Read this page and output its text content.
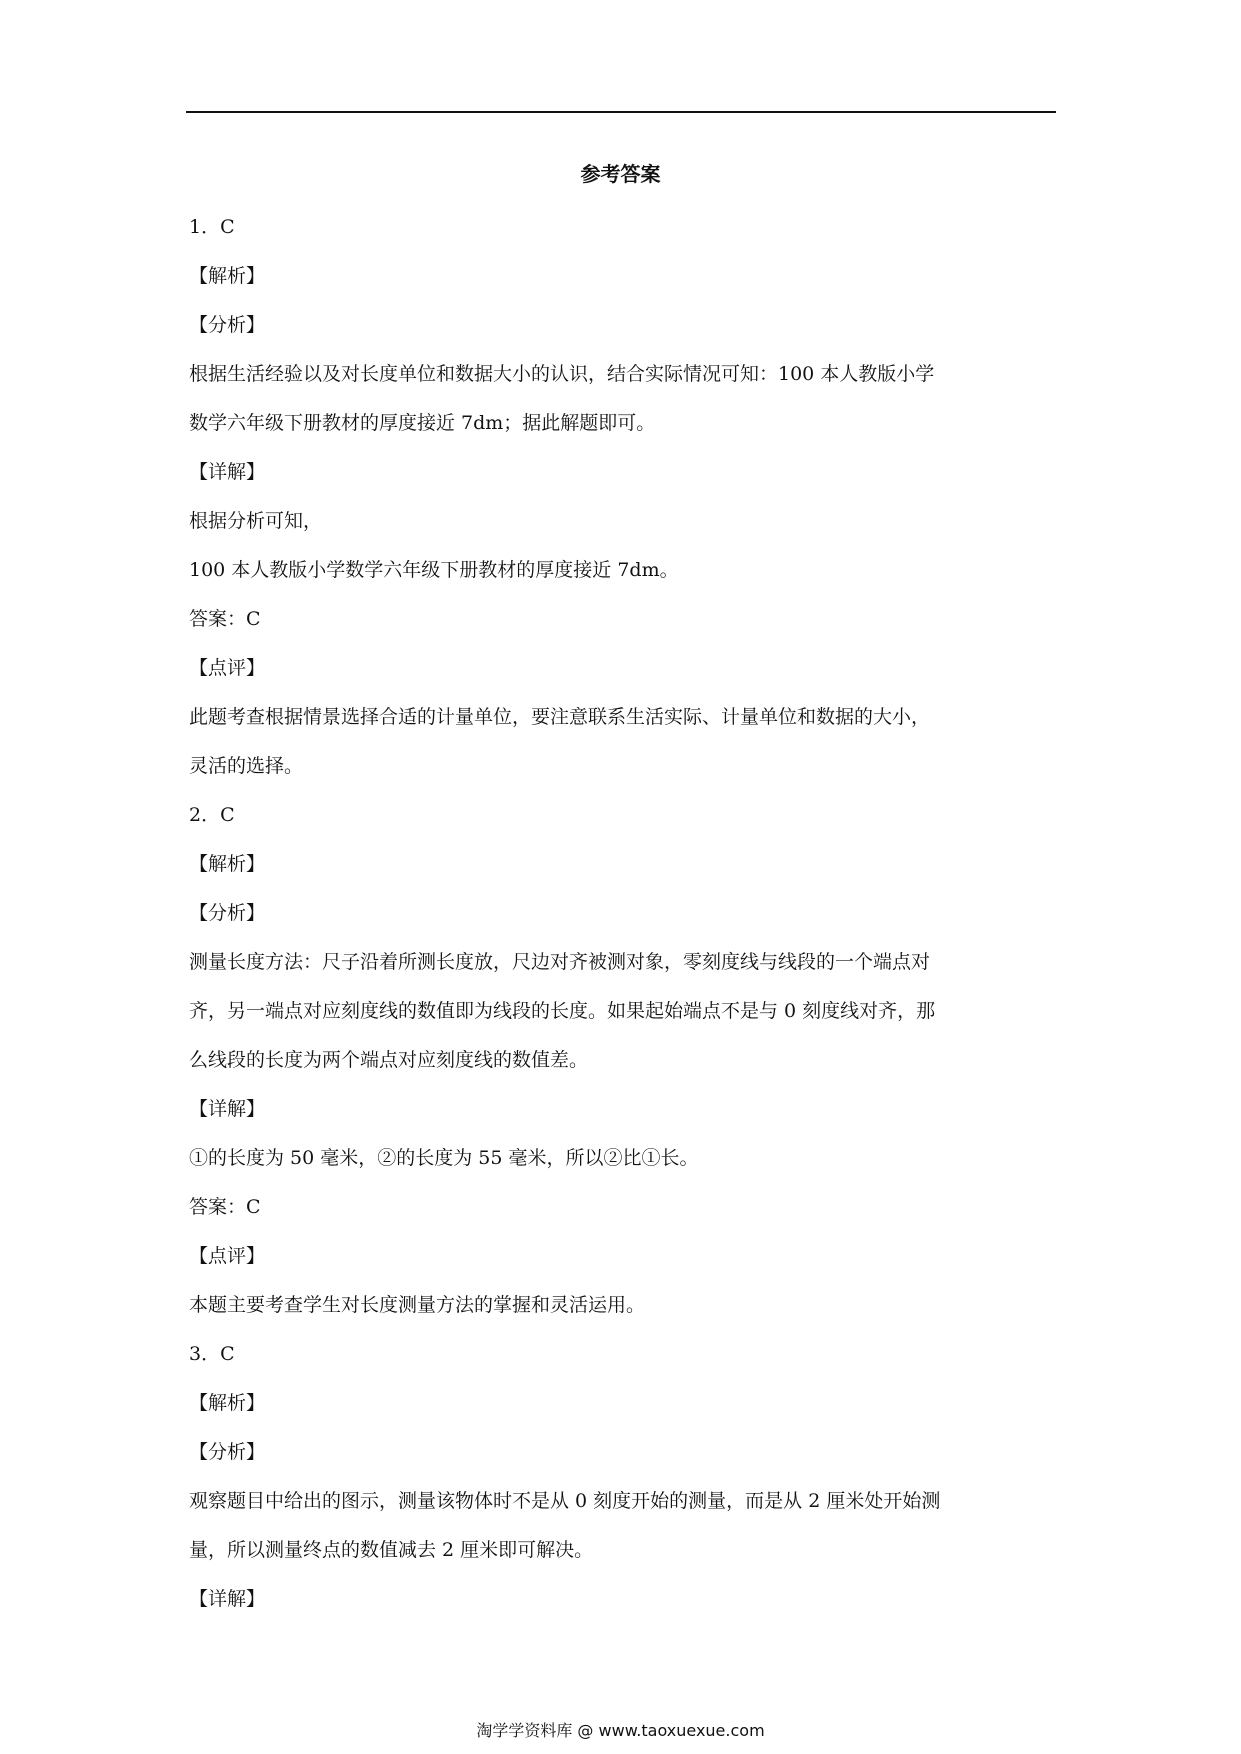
参考答案

1．C

【解析】

【分析】

根据生活经验以及对长度单位和数据大小的认识，结合实际情况可知：100 本人教版小学

数学六年级下册教材的厚度接近 7dm；据此解题即可。

【详解】

根据分析可知，

100 本人教版小学数学六年级下册教材的厚度接近 7dm。

答案：C

【点评】

此题考查根据情景选择合适的计量单位，要注意联系生活实际、计量单位和数据的大小，

灵活的选择。

2．C

【解析】

【分析】

测量长度方法：尺子沿着所测长度放，尺边对齐被测对象，零刻度线与线段的一个端点对

齐，另一端点对应刻度线的数值即为线段的长度。如果起始端点不是与 0 刻度线对齐，那

么线段的长度为两个端点对应刻度线的数值差。

【详解】

①的长度为 50 毫米，②的长度为 55 毫米，所以②比①长。

答案：C

【点评】

本题主要考查学生对长度测量方法的掌握和灵活运用。

3．C

【解析】

【分析】

观察题目中给出的图示，测量该物体时不是从 0 刻度开始的测量，而是从 2 厘米处开始测

量，所以测量终点的数值减去 2 厘米即可解决。

【详解】

淘学学资料库 @ www.taoxuexue.com
